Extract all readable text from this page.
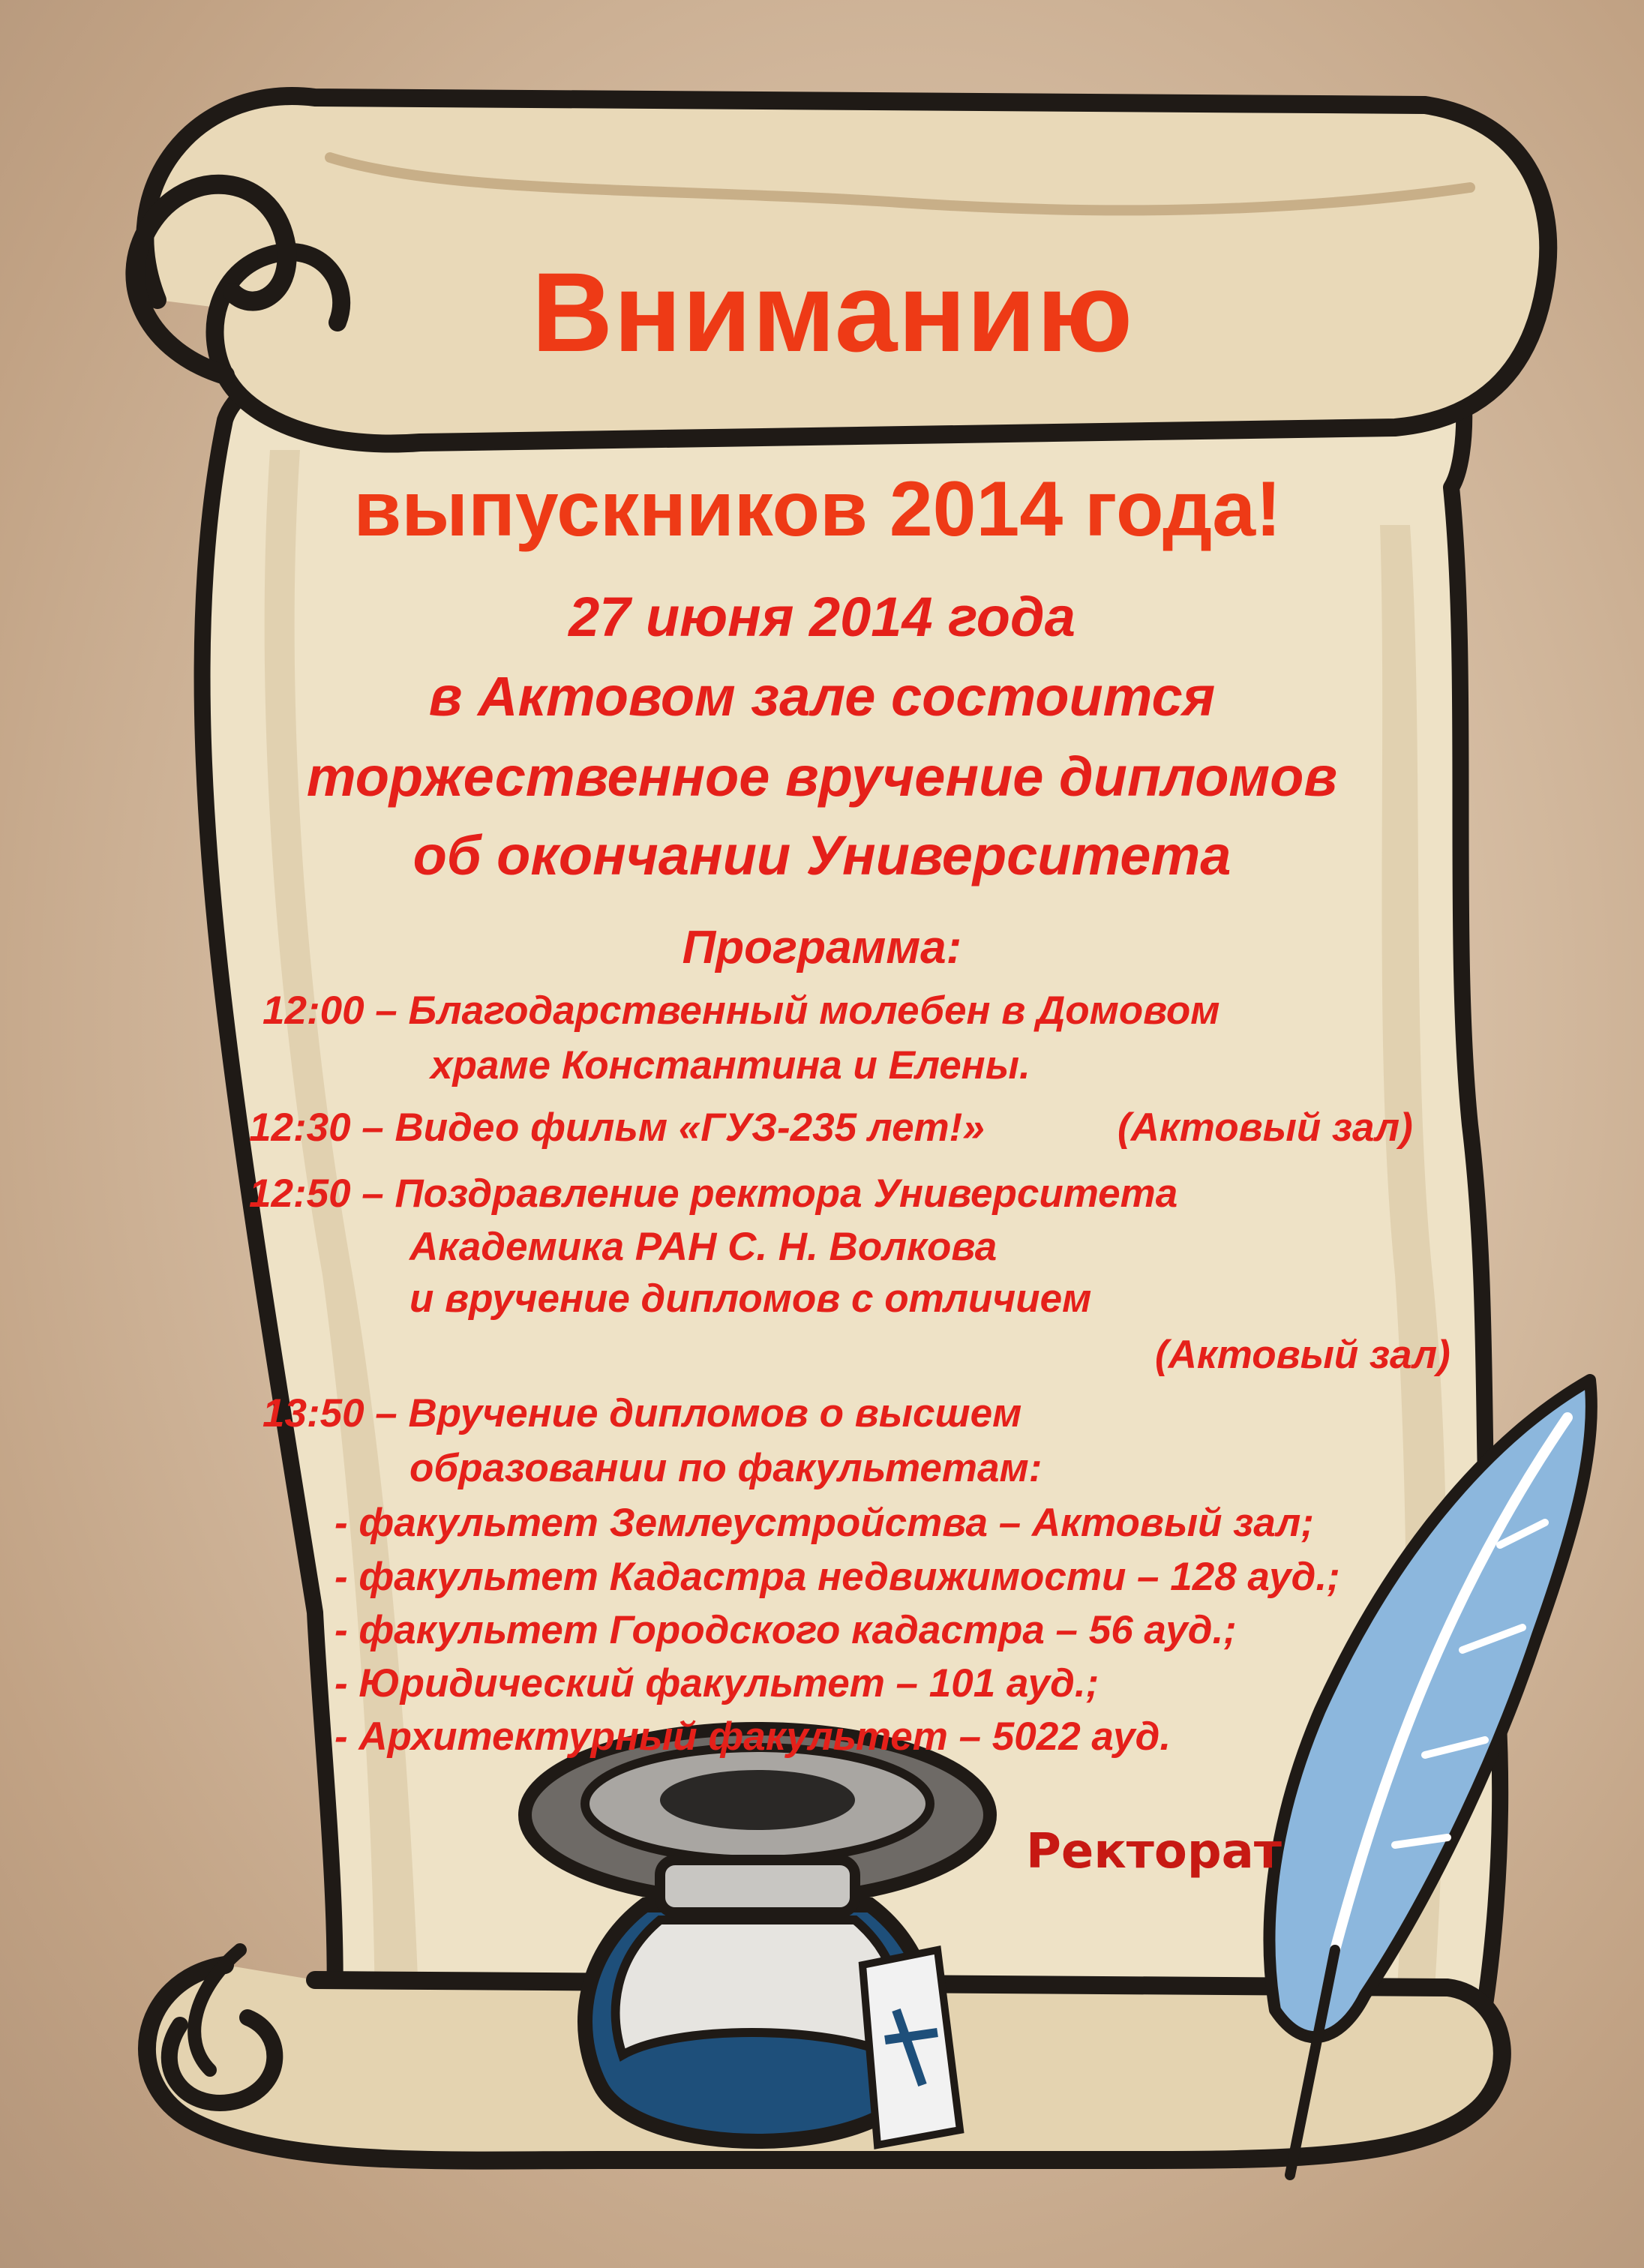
Вниманию
выпускников 2014 года!
27 июня 2014 года
в Актовом зале состоится
торжественное вручение дипломов
об окончании Университета
Программа:
12:00 – Благодарственный молебен в Домовом
храме Константина и Елены.
12:30 – Видео фильм «ГУЗ-235 лет!»	(Актовый зал)
12:50 – Поздравление ректора Университета
Академика РАН С. Н. Волкова
и вручение дипломов с отличием
(Актовый зал)
13:50 – Вручение дипломов о высшем
образовании по факультетам:
- факультет Землеустройства – Актовый зал;
- факультет Кадастра недвижимости – 128 ауд.;
- факультет Городского кадастра – 56 ауд.;
- Юридический факультет – 101 ауд.;
- Архитектурный факультет – 5022 ауд.
Ректорат
